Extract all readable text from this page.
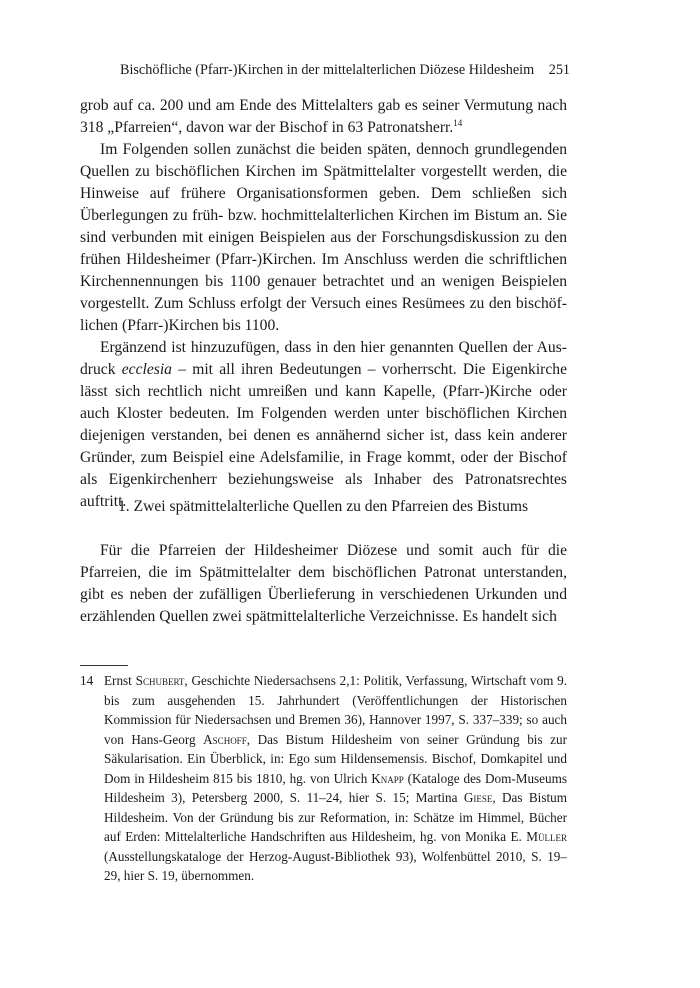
Bischöfliche (Pfarr-)Kirchen in der mittelalterlichen Diözese Hildesheim 251

grob auf ca. 200 und am Ende des Mittelalters gab es seiner Vermutung nach 318 „Pfarreien“, davon war der Bischof in 63 Patronatsherr.$^{14}$

Im Folgenden sollen zunächst die beiden späten, dennoch grundlegenden Quellen zu bischöflichen Kirchen im Spätmittelalter vorgestellt werden, die Hinweise auf frühere Organisationsformen geben. Dem schließen sich Überlegungen zu früh- bzw. hochmittelalterlichen Kirchen im Bistum an. Sie sind verbunden mit einigen Beispielen aus der Forschungsdiskussion zu den frühen Hildesheimer (Pfarr-)Kirchen. Im Anschluss werden die schriftlichen Kirchennennungen bis 1100 genauer betrachtet und an wenigen Beispielen vorgestellt. Zum Schluss erfolgt der Versuch eines Resümees zu den bischöflichen (Pfarr-)Kirchen bis 1100.

Ergänzend ist hinzuzufügen, dass in den hier genannten Quellen der Ausdruck ecclesia – mit all ihren Bedeutungen – vorherrscht. Die Eigenkirche lässt sich rechtlich nicht umreißen und kann Kapelle, (Pfarr-)Kirche oder auch Kloster bedeuten. Im Folgenden werden unter bischöflichen Kirchen diejenigen verstanden, bei denen es annähernd sicher ist, dass kein anderer Gründer, zum Beispiel eine Adelsfamilie, in Frage kommt, oder der Bischof als Eigenkirchenherr beziehungsweise als Inhaber des Patronatsrechtes auftritt.

1. Zwei spätmittelalterliche Quellen zu den Pfarreien des Bistums

Für die Pfarreien der Hildesheimer Diözese und somit auch für die Pfarreien, die im Spätmittelalter dem bischöflichen Patronat unterstanden, gibt es neben der zufälligen Überlieferung in verschiedenen Urkunden und erzählenden Quellen zwei spätmittelalterliche Verzeichnisse. Es handelt sich

14 Ernst Schubert, Geschichte Niedersachsens 2,1: Politik, Verfassung, Wirtschaft vom 9. bis zum ausgehenden 15. Jahrhundert (Veröffentlichungen der Historischen Kommission für Niedersachsen und Bremen 36), Hannover 1997, S. 337–339; so auch von Hans-Georg Aschoff, Das Bistum Hildesheim von seiner Gründung bis zur Säkularisation. Ein Überblick, in: Ego sum Hildensemensis. Bischof, Domkapitel und Dom in Hildesheim 815 bis 1810, hg. von Ulrich Knapp (Kataloge des Dom-Museums Hildesheim 3), Petersberg 2000, S. 11–24, hier S. 15; Martina Giese, Das Bistum Hildesheim. Von der Gründung bis zur Reformation, in: Schätze im Himmel, Bücher auf Erden: Mittelalterliche Handschriften aus Hildesheim, hg. von Monika E. Müller (Ausstellungskataloge der Herzog-August-Bibliothek 93), Wolfenbüttel 2010, S. 19–29, hier S. 19, übernommen.
